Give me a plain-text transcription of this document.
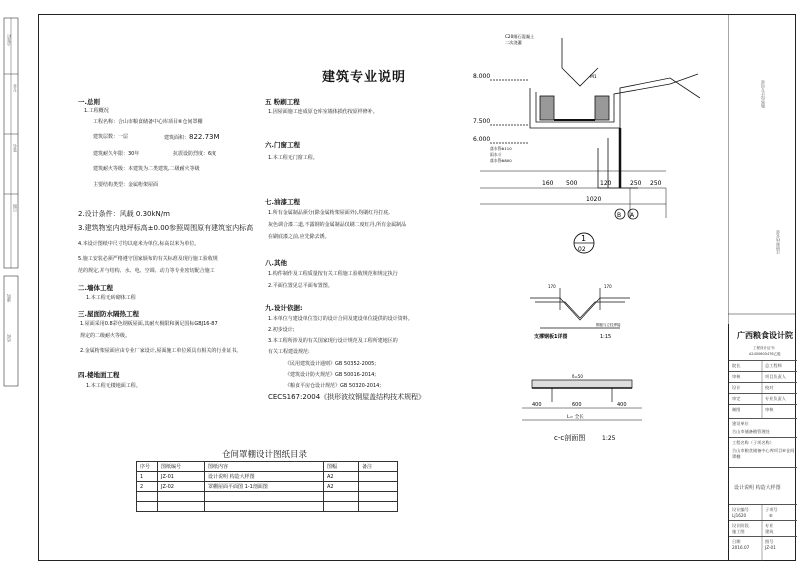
会签栏
专业
签名
日期
建筑
结构
勘察设计专用章
注册师执业章
建筑专业说明
一.总则
1.工程概况
工程名称：合山市粮食储备中心库项目⑥仓间罩棚
建筑层数：一层	建筑面积：822.73M
建筑耐久年限：30年	抗震设防烈度：6度
建筑耐火等级：本建筑为二类建筑,二级耐火等级
主要结构类型：金属桁架屋面
2.设计条件：风载 0.30kN/m
3.建筑物室内地坪标高±0.00参照周围原有建筑室内标高
4.本设计图纸中尺寸均以毫米为单位,标高以米为单位。
5.施工安装必须严格遵守国家颁布的有关标准及现行施工验收规
范的规定,并与结构、水、电、空调、动力等专业密切配合施工
二.墙体工程
1.本工程无砖砌体工程
三.屋面防水隔热工程
1.屋面采用0.8彩色钢板屋面,其耐火极限和满足国标GBJ16-87
规定的二级耐火等级。
2.金属桁架屋面应由专业厂家设计,屋面施工单位须具有相关的行业证书。
四.楼地面工程
1.本工程无楼地面工程。
五 粉刷工程
1.因屋面施工连成原仓库室墙体损伤按原样修补。
六.门窗工程
1.本工程无门窗工程。
七.油漆工程
1.所有金属制品须分(除金属桁架屋面外),均刷红丹打底,
灰色调合漆二道,不露钢的金属制品仅刷二度红丹,所有金属制品
在刷底漆之前,应先除去锈。
八.其他
1.构件制作及工程质量按有关工程施工验收规范和规定执行
2.平面位置见总平面布置图。
九.设计依据:
1.本单位与建设单位签订的设计合同及建设单位提供的设计资料。
2.初步设计;
3.本工程所涉及的有关国家现行设计规范及工程所建地区的
有关工程建设规范:
《民用建筑设计通则》GB 50352-2005;
《建筑设计防火规范》GB 50016-2014;
《粮食平房仓设计规范》GB 50320-2014;
CECS167:2004《拱形波纹钢屋盖结构技术规程》
C20细石混凝土
二次浇灌
8.000
7.500
6.000
M1
落水管Φ110
雨水斗
落水管Φ800
160 500	120	250 250
1020
B A
1
02
170	170
钢板与立柱焊接
支撑钢板1详图	1:15
δ=50
400	600	400
L= 全长
c-c剖面图	1:25
仓间罩棚设计图纸目录
序号	图纸编号	图纸内容	图幅	备注
1	JZ-01	设计说明 构造大样图	A2	
2	JZ-02	罩棚屋面平面图 1-1剖面图	A2	

广西粮食设计院
工程设计证书:
A2450605476乙级
院长	总工程师
审核	项目负责人
设计	校对
审定	专业负责人
制图	审核
建设单位
合山市储备粮管理处
工程名称（子项名称）
合山市粮食储备中心库项目⑥仓间罩棚
设计说明 构造大样图
设计编号
LJ1620
子项号
⑥
设计阶段
施工图
专业
建筑
日期
2016.07
图号
JZ-01
